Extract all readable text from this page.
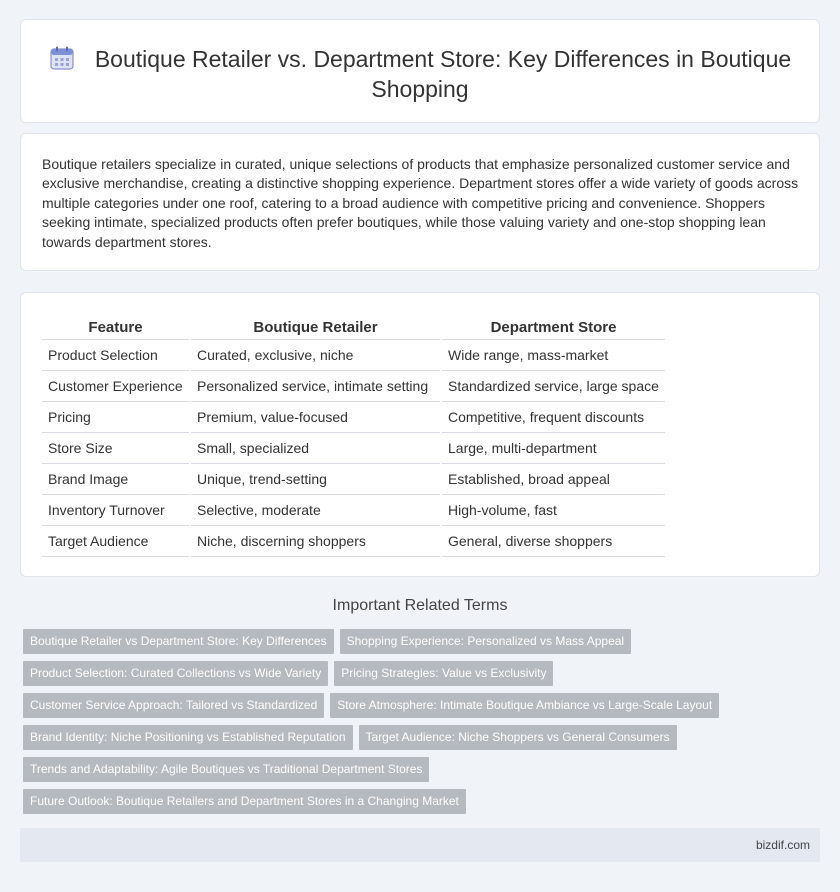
Boutique Retailer vs. Department Store: Key Differences in Boutique Shopping

Boutique retailers specialize in curated, unique selections of products that emphasize personalized customer service and exclusive merchandise, creating a distinctive shopping experience. Department stores offer a wide variety of goods across multiple categories under one roof, catering to a broad audience with competitive pricing and convenience. Shoppers seeking intimate, specialized products often prefer boutiques, while those valuing variety and one-stop shopping lean towards department stores.

Feature	Boutique Retailer	Department Store
Product Selection	Curated, exclusive, niche	Wide range, mass-market
Customer Experience	Personalized service, intimate setting	Standardized service, large space
Pricing	Premium, value-focused	Competitive, frequent discounts
Store Size	Small, specialized	Large, multi-department
Brand Image	Unique, trend-setting	Established, broad appeal
Inventory Turnover	Selective, moderate	High-volume, fast
Target Audience	Niche, discerning shoppers	General, diverse shoppers
Important Related Terms
Boutique Retailer vs Department Store: Key Differences Shopping Experience: Personalized vs Mass Appeal
Product Selection: Curated Collections vs Wide Variety Pricing Strategies: Value vs Exclusivity
Customer Service Approach: Tailored vs Standardized Store Atmosphere: Intimate Boutique Ambiance vs Large-Scale Layout
Brand Identity: Niche Positioning vs Established Reputation Target Audience: Niche Shoppers vs General Consumers
Trends and Adaptability: Agile Boutiques vs Traditional Department Stores
Future Outlook: Boutique Retailers and Department Stores in a Changing Market
bizdif.com
